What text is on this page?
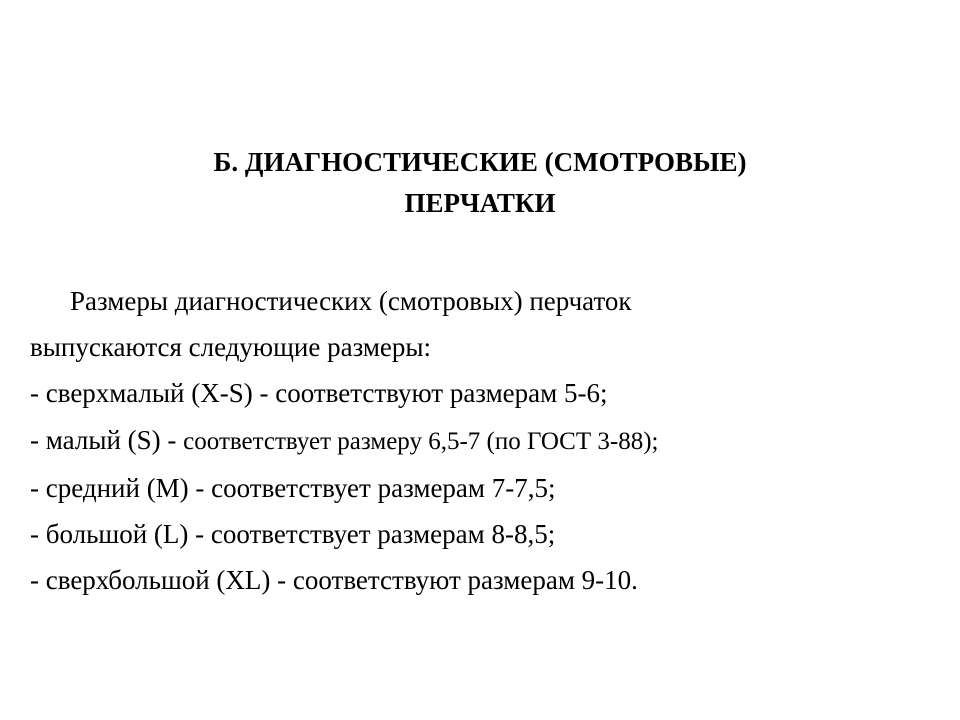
Б. ДИАГНОСТИЧЕСКИЕ (СМОТРОВЫЕ)
ПЕРЧАТКИ
Размеры диагностических (смотровых) перчаток
выпускаются следующие размеры:
- сверхмалый (X-S) - соответствуют размерам 5-6;
- малый (S) - соответствует размеру 6,5-7 (по ГОСТ 3-88);
- средний (М) - соответствует размерам 7-7,5;
- большой (L) - соответствует размерам 8-8,5;
- сверхбольшой (XL) - соответствуют размерам 9-10.
